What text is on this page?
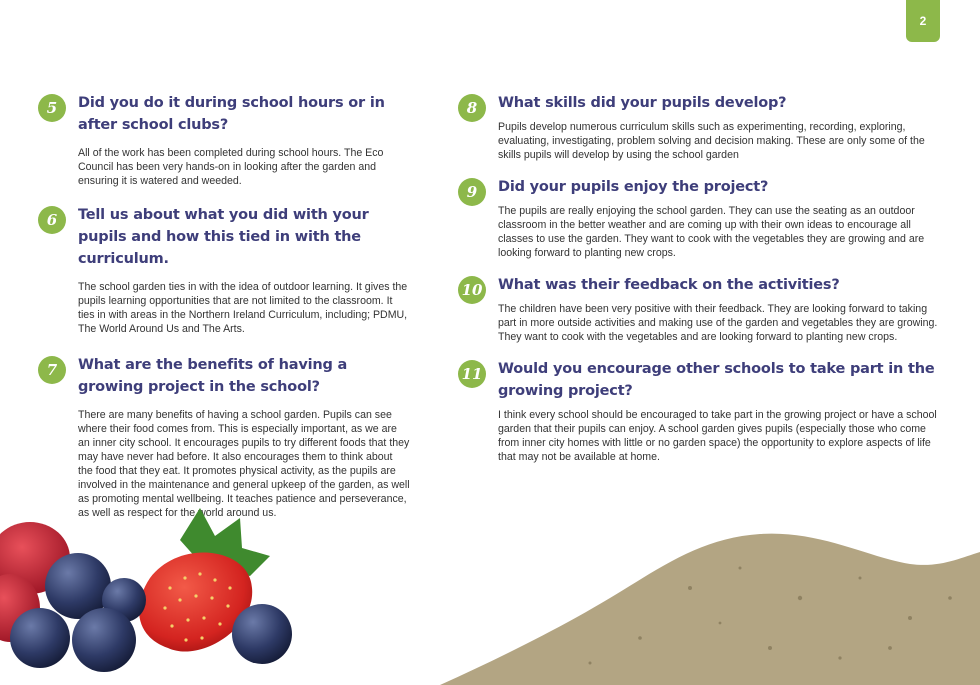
2
5	Did you do it during school hours or in after school clubs?

All of the work has been completed during school hours. The Eco Council has been very hands-on in looking after the garden and ensuring it is watered and weeded.

6	Tell us about what you did with your pupils and how this tied in with the curriculum.

The school garden ties in with the idea of outdoor learning. It gives the pupils learning opportunities that are not limited to the classroom. It ties in with areas in the Northern Ireland Curriculum, including; PDMU, The World Around Us and The Arts.

7	What are the benefits of having a growing project in the school?

There are many benefits of having a school garden. Pupils can see where their food comes from. This is especially important, as we are an inner city school. It encourages pupils to try different foods that they may have never had before. It also encourages them to think about the food that they eat. It promotes physical activity, as the pupils are involved in the maintenance and general upkeep of the garden, as well as promoting mental wellbeing. It teaches patience and perseverance, as well as respect for the world around us.

8	What skills did your pupils develop?

Pupils develop numerous curriculum skills such as experimenting, recording, exploring, evaluating, investigating, problem solving and decision making. These are only some of the skills pupils will develop by using the school garden

9	Did your pupils enjoy the project?

The pupils are really enjoying the school garden. They can use the seating as an outdoor classroom in the better weather and are coming up with their own ideas to encourage all classes to use the garden. They want to cook with the vegetables they are growing and are looking forward to planting new crops.

10 What was their feedback on the activities?

The children have been very positive with their feedback. They are looking forward to taking part in more outside activities and making use of the garden and vegetables they are growing. They want to cook with the vegetables and are looking forward to planting new crops.

11 Would you encourage other schools to take part in the growing project?

I think every school should be encouraged to take part in the growing project or have a school garden that their pupils can enjoy. A school garden gives pupils (especially those who come from inner city homes with little or no garden space) the opportunity to explore aspects of life that may not be available at home.
